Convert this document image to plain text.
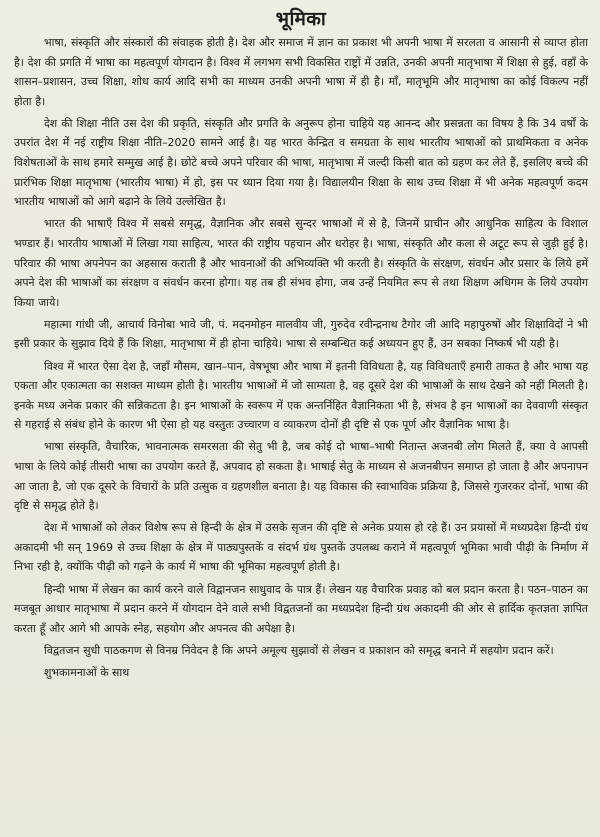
भूमिका

भाषा, संस्कृति और संस्कारों की संवाहक होती है। देश और समाज में ज्ञान का प्रकाश भी अपनी भाषा में सरलता व आसानी से व्याप्त होता है। देश की प्रगति में भाषा का महत्वपूर्ण योगदान है। विश्व में लगभग सभी विकसित राष्ट्रों में उन्नति, उनकी अपनी मातृभाषा में शिक्षा से हुई, वहाँ के शासन–प्रशासन, उच्च शिक्षा, शोध कार्य आदि सभी का माध्यम उनकी अपनी भाषा में ही है। माँ, मातृभूमि और मातृभाषा का कोई विकल्प नहीं होता है।

देश की शिक्षा नीति उस देश की प्रकृति, संस्कृति और प्रगति के अनुरूप होना चाहिये यह आनन्द और प्रसन्नता का विषय है कि 34 वर्षों के उपरांत देश में नई राष्ट्रीय शिक्षा नीति–2020 सामने आई है। यह भारत केन्द्रित व समग्रता के साथ भारतीय भाषाओं को प्राथमिकता व अनेक विशेषताओं के साथ हमारे सम्मुख आई है। छोटे बच्चे अपने परिवार की भाषा, मातृभाषा में जल्दी किसी बात को ग्रहण कर लेते हैं, इसलिए बच्चे की प्रारंभिक शिक्षा मातृभाषा (भारतीय भाषा) में हो, इस पर ध्यान दिया गया है। विद्यालयीन शिक्षा के साथ उच्च शिक्षा में भी अनेक महत्वपूर्ण कदम भारतीय भाषाओं को आगे बढ़ाने के लिये उल्लेखित है।

भारत की भाषाएँ विश्व में सबसे समृद्ध, वैज्ञानिक और सबसे सुन्दर भाषाओं में से है, जिनमें प्राचीन और आधुनिक साहित्य के विशाल भण्डार हैं। भारतीय भाषाओं में लिखा गया साहित्य, भारत की राष्ट्रीय पहचान और धरोहर है। भाषा, संस्कृति और कला से अटूट रूप से जुड़ी हुई है। परिवार की भाषा अपनेपन का अहसास कराती है और भावनाओं की अभिव्यक्ति भी करती है। संस्कृति के संरक्षण, संवर्धन और प्रसार के लिये हमें अपने देश की भाषाओं का संरक्षण व संवर्धन करना होगा। यह तब ही संभव होगा, जब उन्हें नियमित रूप से तथा शिक्षण अधिगम के लिये उपयोग किया जाये।

महात्मा गांधी जी, आचार्य विनोबा भावे जी, पं. मदनमोहन मालवीय जी, गुरुदेव रवीन्द्रनाथ टैगोर जी आदि महापुरुषों और शिक्षाविदों ने भी इसी प्रकार के सुझाव दिये हैं कि शिक्षा, मातृभाषा में ही होना चाहिये। भाषा से सम्बन्धित कई अध्ययन हुए हैं, उन सबका निष्कर्ष भी यही है।

विश्व में भारत ऐसा देश है, जहाँ मौसम, खान–पान, वेषभूषा और भाषा में इतनी विविधता है, यह विविधताएँ हमारी ताकत है और भाषा यह एकता और एकात्मता का सशक्त माध्यम होती है। भारतीय भाषाओं में जो साम्यता है, वह दूसरे देश की भाषाओं के साथ देखने को नहीं मिलती है। इनके मध्य अनेक प्रकार की सन्निकटता है। इन भाषाओं के स्वरूप में एक अन्तर्निहित वैज्ञानिकता भी है, संभव है इन भाषाओं का देववाणी संस्कृत से गहराई से संबंध होने के कारण भी ऐसा हो यह वस्तुतः उच्चारण व व्याकरण दोनों ही दृष्टि से एक पूर्ण और वैज्ञानिक भाषा है।

भाषा संस्कृति, वैचारिक, भावनात्मक समरसता की सेतु भी है, जब कोई दो भाषा–भाषी नितान्त अजनबी लोग मिलते हैं, क्या वे आपसी भाषा के लिये कोई तीसरी भाषा का उपयोग करते हैं, अपवाद हो सकता है। भाषाई सेतु के माध्यम से अजनबीपन समाप्त हो जाता है और अपनापन आ जाता है, जो एक दूसरे के विचारों के प्रति उत्सुक व ग्रहणशील बनाता है। यह विकास की स्वाभाविक प्रक्रिया है, जिससे गुजरकर दोनों, भाषा की दृष्टि से समृद्ध होते है।

देश में भाषाओं को लेकर विशेष रूप से हिन्दी के क्षेत्र में उसके सृजन की दृष्टि से अनेक प्रयास हो रहे हैं। उन प्रयासों में मध्यप्रदेश हिन्दी ग्रंथ अकादमी भी सन् 1969 से उच्च शिक्षा के क्षेत्र में पाठ्यपुस्तकें व संदर्भ ग्रंथ पुस्तकें उपलब्ध कराने में महत्वपूर्ण भूमिका भावी पीढ़ी के निर्माण में निभा रही है, क्योंकि पीढ़ी को गढ़ने के कार्य में भाषा की भूमिका महत्वपूर्ण होती है।

हिन्दी भाषा में लेखन का कार्य करने वाले विद्वानजन साधुवाद के पात्र हैं। लेखन यह वैचारिक प्रवाह को बल प्रदान करता है। पठन–पाठन का मजबूत आधार मातृभाषा में प्रदान करने में योगदान देने वाले सभी विद्वतजनों का मध्यप्रदेश हिन्दी ग्रंथ अकादमी की ओर से हार्दिक कृतज्ञता ज्ञापित करता हूँ और आगे भी आपके स्नेह, सहयोग और अपनत्व की अपेक्षा है।

विद्वतजन सुधी पाठकगण से विनम्र निवेदन है कि अपने अमूल्य सुझावों से लेखन व प्रकाशन को समृद्ध बनाने में सहयोग प्रदान करें।

शुभकामनाओं के साथ
